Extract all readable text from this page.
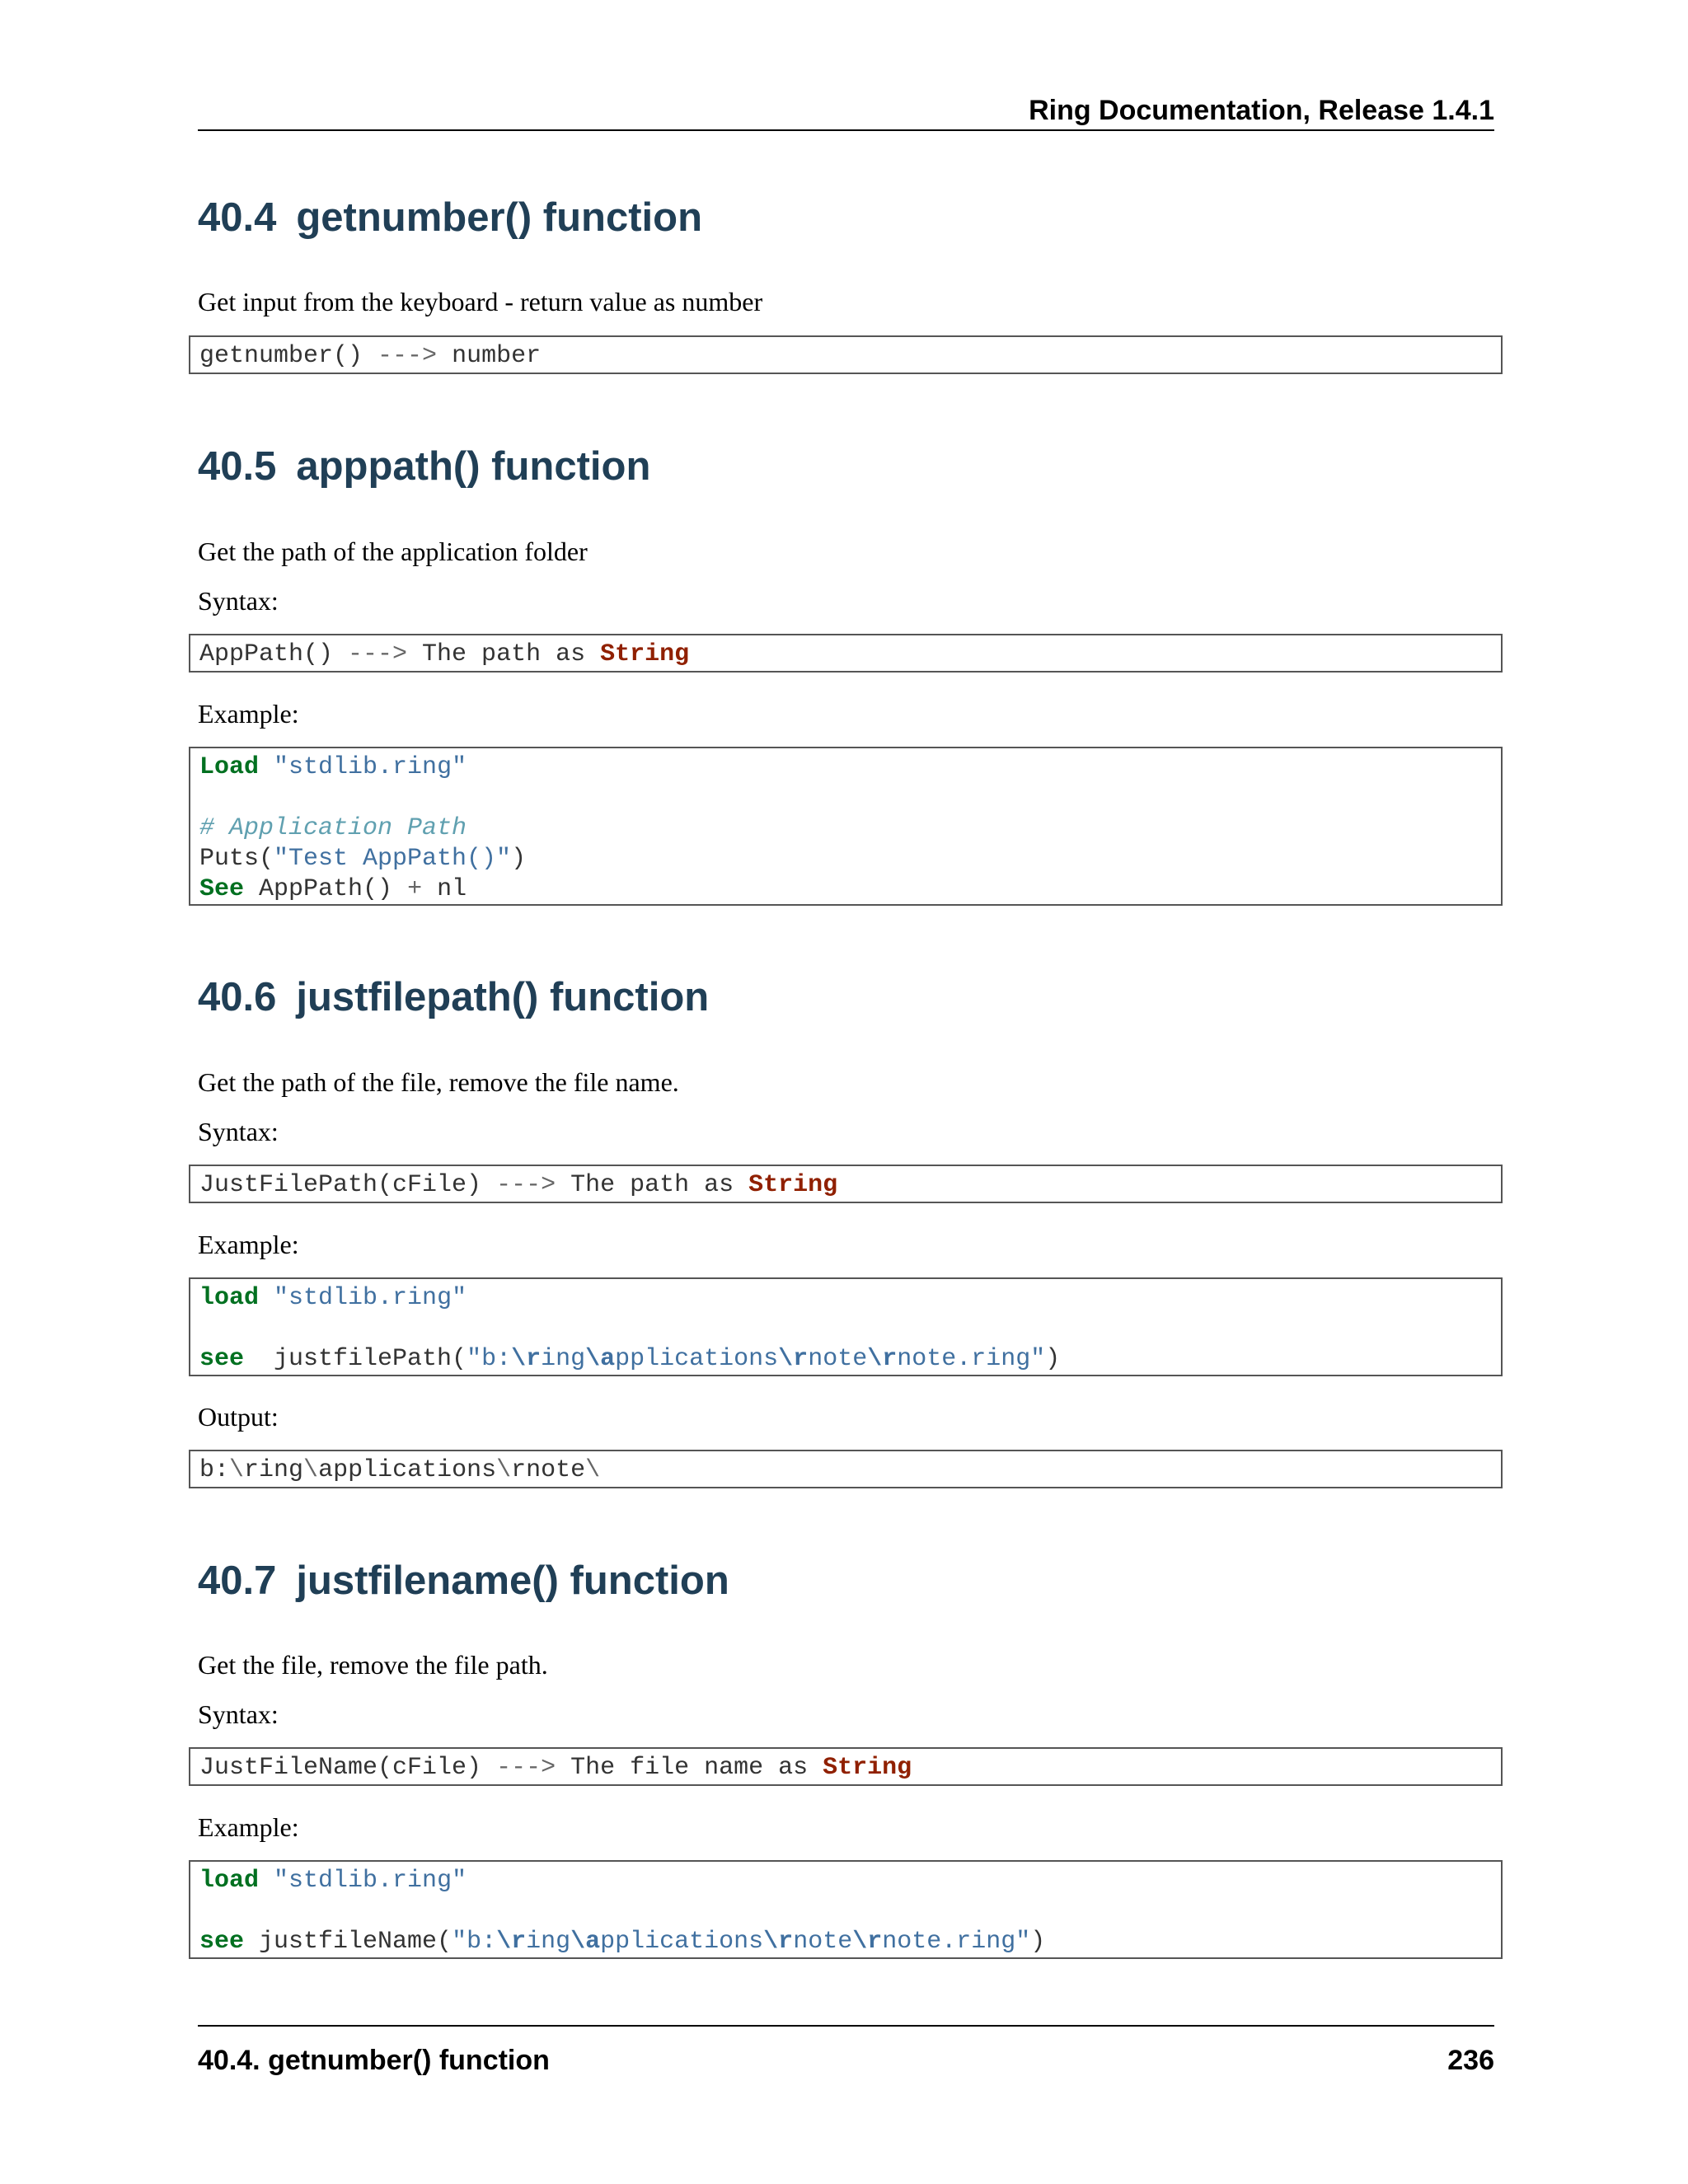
Ring Documentation, Release 1.4.1
40.4 getnumber() function

Get input from the keyboard - return value as number

getnumber() ---> number
40.5 apppath() function

Get the path of the application folder

Syntax:

AppPath() ---> The path as String

Example:

Load "stdlib.ring"

# Application Path
Puts("Test AppPath()")
See AppPath() + nl
40.6 justfilepath() function

Get the path of the file, remove the file name.

Syntax:

JustFilePath(cFile) ---> The path as String

Example:

load "stdlib.ring"

see  justfilePath("b:\ring\applications\rnote\rnote.ring")

Output:

b:\ring\applications\rnote\
40.7 justfilename() function

Get the file, remove the file path.

Syntax:

JustFileName(cFile) ---> The file name as String

Example:

load "stdlib.ring"

see justfileName("b:\ring\applications\rnote\rnote.ring")
40.4. getnumber() function	236
